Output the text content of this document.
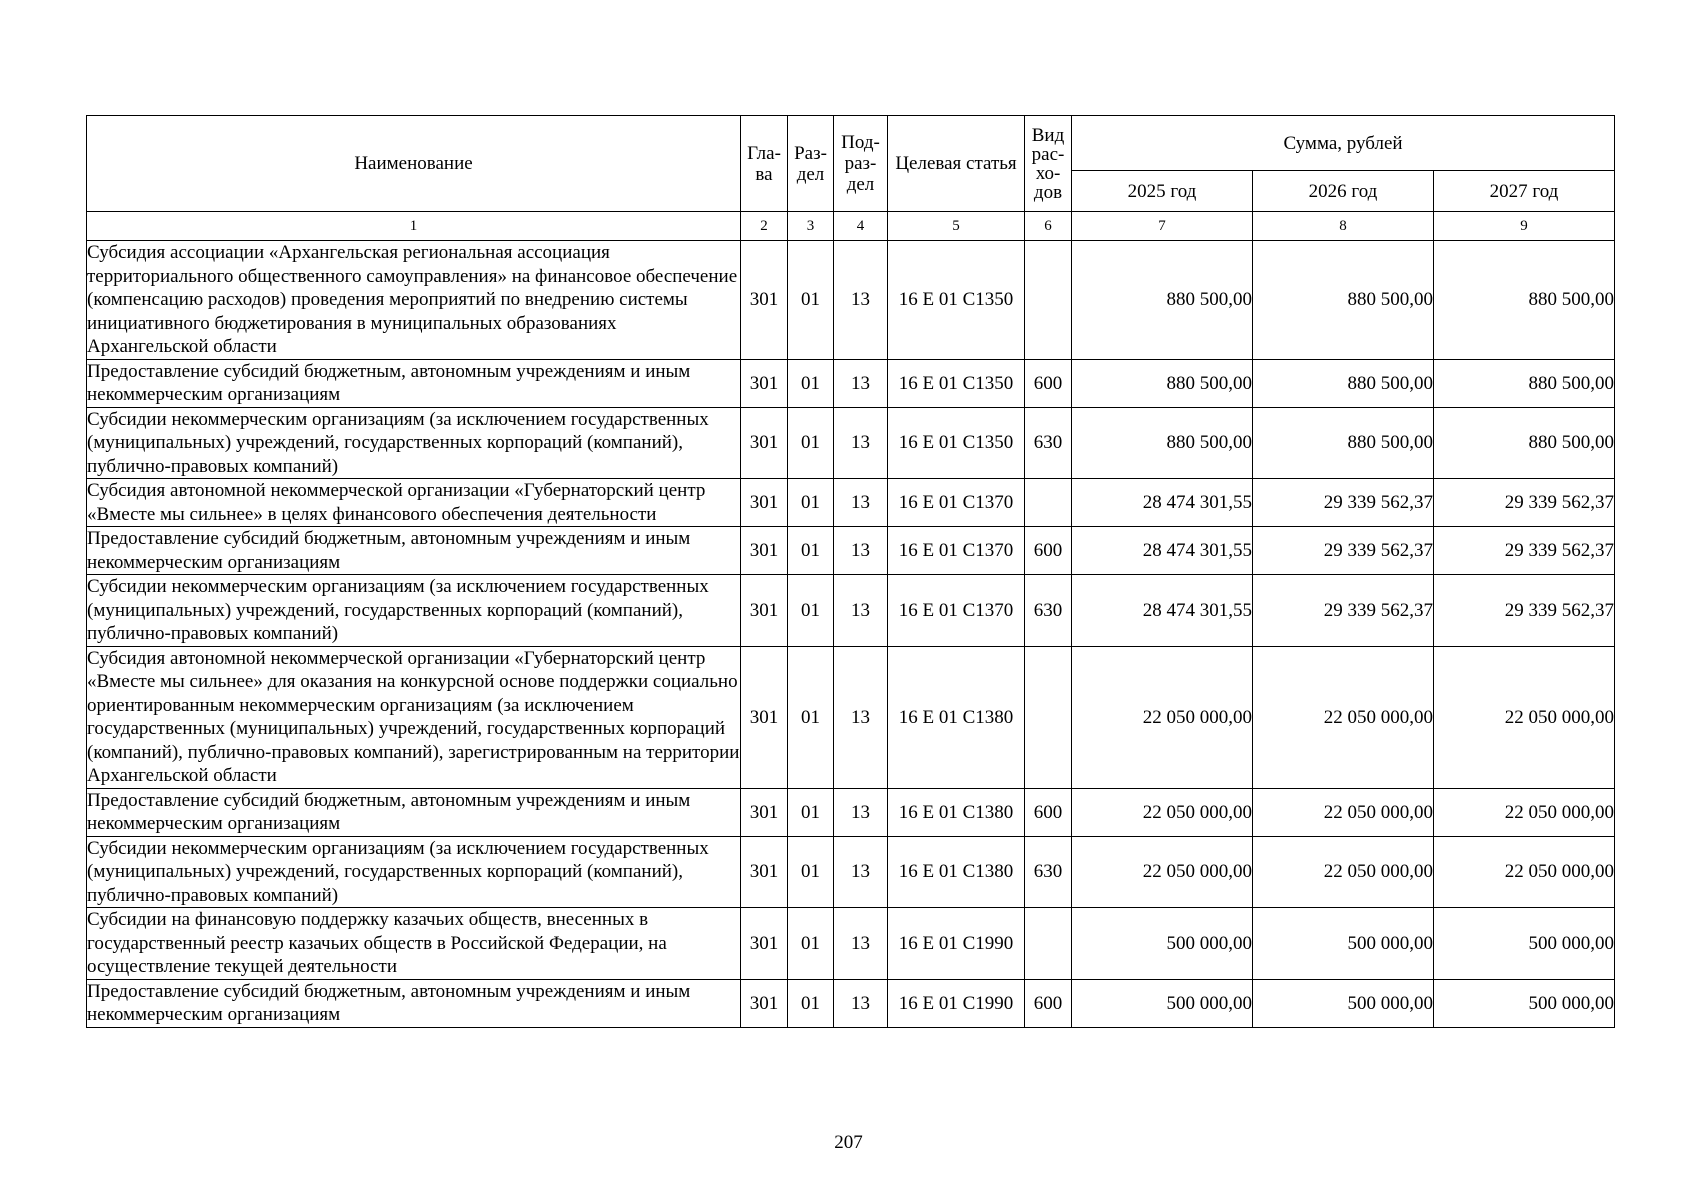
Наименование	Гла-ва	Раз-дел	Под-раз-дел	Целевая статья	Вид рас-хо-дов	Сумма, рублей		
						2025 год	2026 год	2027 год
1	2	3	4	5	6	7	8	9
Субсидия ассоциации «Архангельская региональная ассоциация территориального общественного самоуправления» на финансовое обеспечение (компенсацию расходов) проведения мероприятий по внедрению системы инициативного бюджетирования в муниципальных образованиях Архангельской области	301	01	13	16 Е 01 С1350		880 500,00	880 500,00	880 500,00
Предоставление субсидий бюджетным, автономным учреждениям и иным некоммерческим организациям	301	01	13	16 Е 01 С1350	600	880 500,00	880 500,00	880 500,00
Субсидии некоммерческим организациям (за исключением государственных (муниципальных) учреждений, государственных корпораций (компаний), публично-правовых компаний)	301	01	13	16 Е 01 С1350	630	880 500,00	880 500,00	880 500,00
Субсидия автономной некоммерческой организации «Губернаторский центр «Вместе мы сильнее» в целях финансового обеспечения деятельности	301	01	13	16 Е 01 С1370		28 474 301,55	29 339 562,37	29 339 562,37
Предоставление субсидий бюджетным, автономным учреждениям и иным некоммерческим организациям	301	01	13	16 Е 01 С1370	600	28 474 301,55	29 339 562,37	29 339 562,37
Субсидии некоммерческим организациям (за исключением государственных (муниципальных) учреждений, государственных корпораций (компаний), публично-правовых компаний)	301	01	13	16 Е 01 С1370	630	28 474 301,55	29 339 562,37	29 339 562,37
Субсидия автономной некоммерческой организации «Губернаторский центр «Вместе мы сильнее» для оказания на конкурсной основе поддержки социально ориентированным некоммерческим организациям (за исключением государственных (муниципальных) учреждений, государственных корпораций (компаний), публично-правовых компаний), зарегистрированным на территории Архангельской области	301	01	13	16 Е 01 С1380		22 050 000,00	22 050 000,00	22 050 000,00
Предоставление субсидий бюджетным, автономным учреждениям и иным некоммерческим организациям	301	01	13	16 Е 01 С1380	600	22 050 000,00	22 050 000,00	22 050 000,00
Субсидии некоммерческим организациям (за исключением государственных (муниципальных) учреждений, государственных корпораций (компаний), публично-правовых компаний)	301	01	13	16 Е 01 С1380	630	22 050 000,00	22 050 000,00	22 050 000,00
Субсидии на финансовую поддержку казачьих обществ, внесенных в государственный реестр казачьих обществ в Российской Федерации, на осуществление текущей деятельности	301	01	13	16 Е 01 С1990		500 000,00	500 000,00	500 000,00
Предоставление субсидий бюджетным, автономным учреждениям и иным некоммерческим организациям	301	01	13	16 Е 01 С1990	600	500 000,00	500 000,00	500 000,00
207
